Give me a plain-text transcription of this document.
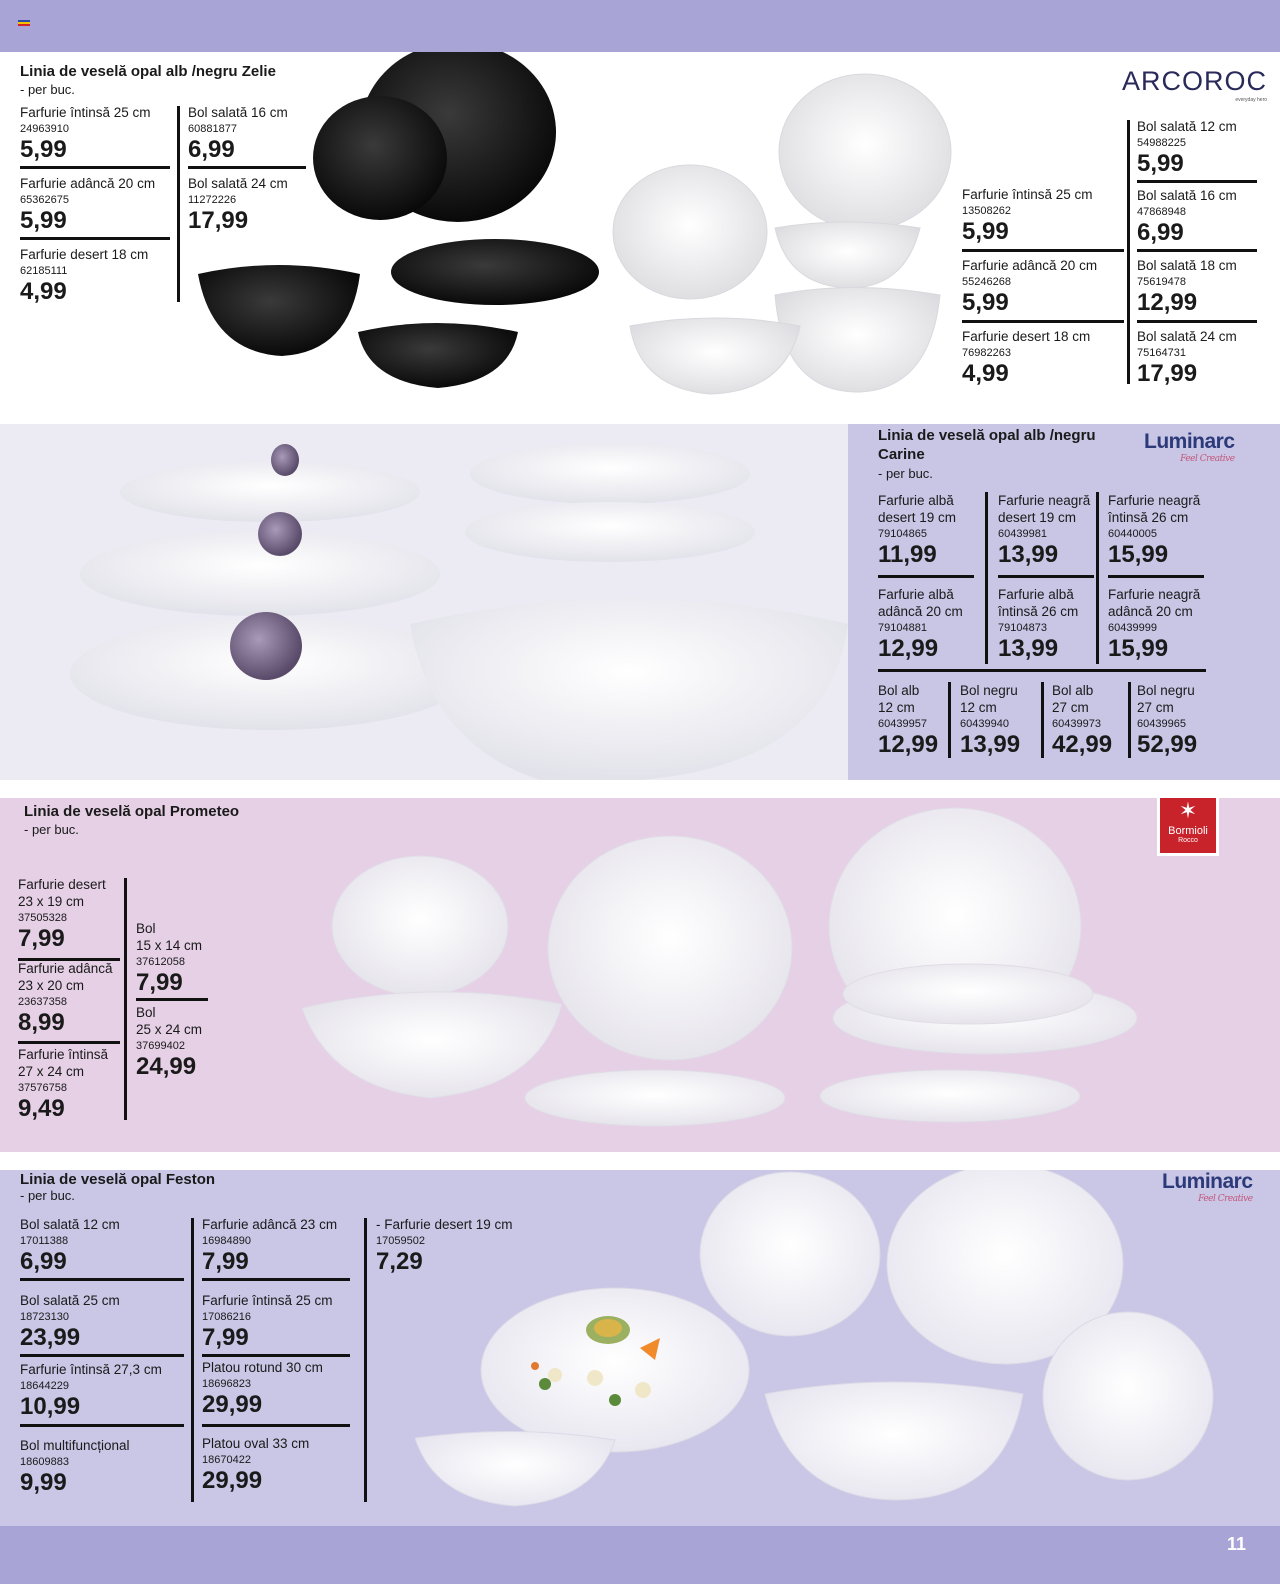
Linia de veselă opal alb /negru Zelie
- per buc.	ARCOROC
everyday hero
Farfurie întinsă 25 cm
24963910
5,99
Farfurie adâncă 20 cm
65362675
5,99
Farfurie desert 18 cm
62185111
4,99
Bol salată 16 cm
60881877
6,99
Bol salată 24 cm
11272226
17,99
Farfurie întinsă 25 cm
13508262
5,99
Farfurie adâncă 20 cm
55246268
5,99
Farfurie desert 18 cm
76982263
4,99
Bol salată 12 cm
54988225
5,99
Bol salată 16 cm
47868948
6,99
Bol salată 18 cm
75619478
12,99
Bol salată 24 cm
75164731
17,99
Linia de veselă opal alb /negru
Carine
- per buc.
Luminarc
Feel Creative
Farfurie albă
desert 19 cm
79104865
11,99
Farfurie neagră
desert 19 cm
60439981
13,99
Farfurie neagră
întinsă 26 cm
60440005
15,99
Farfurie albă
adâncă 20 cm
79104881
12,99
Farfurie albă
întinsă 26 cm
79104873
13,99
Farfurie neagră
adâncă 20 cm
60439999
15,99
Bol alb
12 cm
60439957
12,99
Bol negru
12 cm
60439940
13,99
Bol alb
27 cm
60439973
42,99
Bol negru
27 cm
60439965
52,99
Linia de veselă opal Prometeo
- per buc.
✶
Bormioli
Rocco
Farfurie desert
23 x 19 cm
37505328
7,99
Farfurie adâncă
23 x 20 cm
23637358
8,99
Farfurie întinsă
27 x 24 cm
37576758
9,49
Bol
15 x 14 cm
37612058
7,99
Bol
25 x 24 cm
37699402
24,99
Linia de veselă opal Feston
- per buc.
Luminarc
Feel Creative
Bol salată 12 cm
17011388
6,99
Bol salată 25 cm
18723130
23,99
Farfurie întinsă 27,3 cm
18644229
10,99
Bol multifuncțional
18609883
9,99
Farfurie adâncă 23 cm
16984890
7,99
Farfurie întinsă 25 cm
17086216
7,99
Platou rotund 30 cm
18696823
29,99
Platou oval 33 cm
18670422
29,99
- Farfurie desert 19 cm
17059502
7,29
11
